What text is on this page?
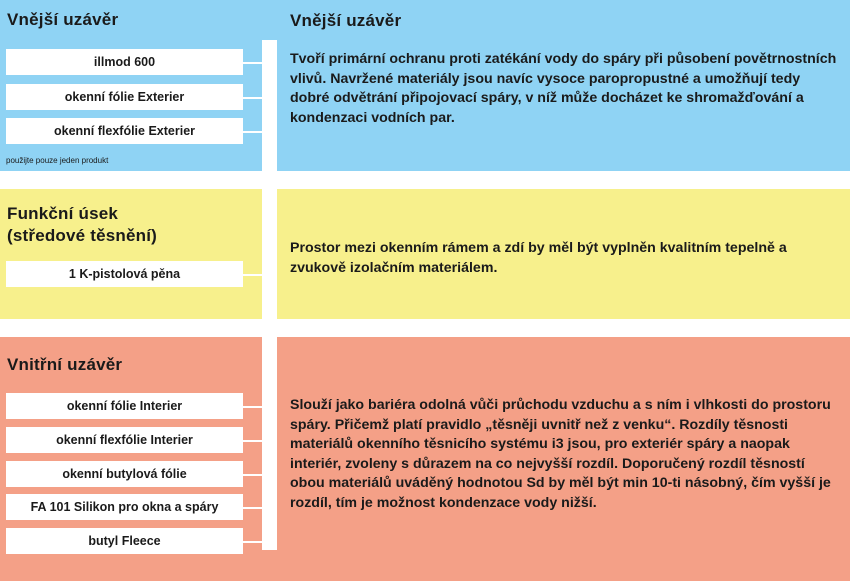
Vnější uzávěr	Vnější uzávěr

Tvoří primární ochranu proti zatékání vody do spáry při působení povětrnostních vlivů. Navržené materiály jsou navíc vysoce paropropustné a umožňují tedy dobré odvětrání připojovací spáry, v níž může docházet ke shromažďování a kondenzaci vodních par.

illmod 600
okenní fólie Exterier
okenní flexfólie Exterier
použijte pouze jeden produkt
Funkční úsek
(středové těsnění)

Prostor mezi okenním rámem a zdí by měl být vyplněn kvalitním tepelně a zvukově izolačním materiálem.

1 K-pistolová pěna
Vnitřní uzávěr

Slouží jako bariéra odolná vůči průchodu vzduchu a s ním i vlhkosti do prostoru spáry. Přičemž platí pravidlo „těsněji uvnitř než z venku“. Rozdíly těsnosti materiálů okenního těsnicího systému i3 jsou, pro exteriér spáry a naopak interiér, zvoleny s důrazem na co nejvyšší rozdíl. Doporučený rozdíl těsností obou materiálů uváděný hodnotou Sd by měl být min 10-ti násobný, čím vyšší je rozdíl, tím je možnost kondenzace vody nižší.

okenní fólie Interier
okenní flexfólie Interier
okenní butylová fólie
FA 101 Silikon pro okna a spáry
butyl Fleece
